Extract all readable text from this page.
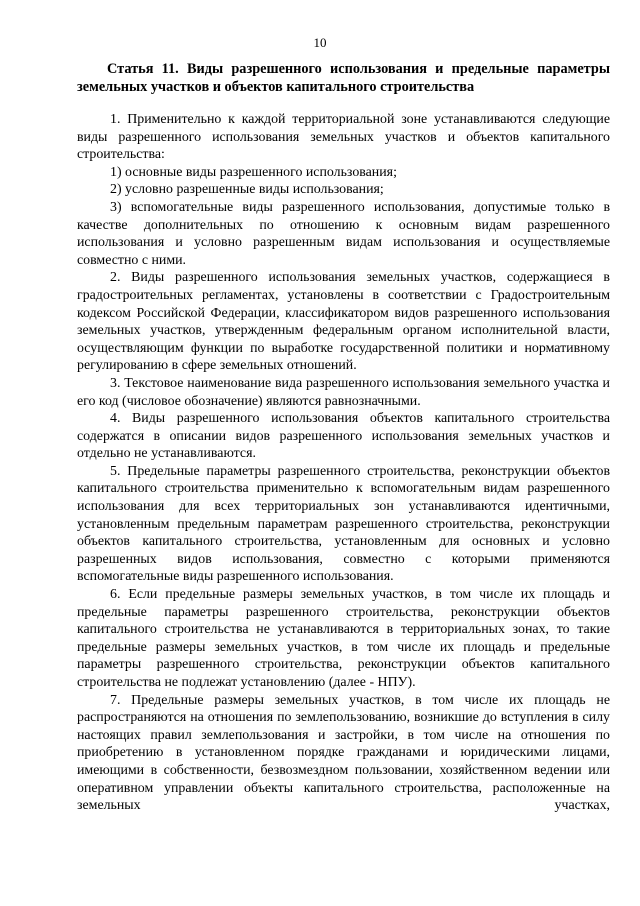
10

Статья 11. Виды разрешенного использования и предельные параметры земельных участков и объектов капитального строительства

1. Применительно к каждой территориальной зоне устанавливаются следующие виды разрешенного использования земельных участков и объектов капитального строительства:

1) основные виды разрешенного использования;

2) условно разрешенные виды использования;

3) вспомогательные виды разрешенного использования, допустимые только в качестве дополнительных по отношению к основным видам разрешенного использования и условно разрешенным видам использования и осуществляемые совместно с ними.

2. Виды разрешенного использования земельных участков, содержащиеся в градостроительных регламентах, установлены в соответствии с Градостроительным кодексом Российской Федерации, классификатором видов разрешенного использования земельных участков, утвержденным федеральным органом исполнительной власти, осуществляющим функции по выработке государственной политики и нормативному регулированию в сфере земельных отношений.

3. Текстовое наименование вида разрешенного использования земельного участка и его код (числовое обозначение) являются равнозначными.

4. Виды разрешенного использования объектов капитального строительства содержатся в описании видов разрешенного использования земельных участков и отдельно не устанавливаются.

5. Предельные параметры разрешенного строительства, реконструкции объектов капитального строительства применительно к вспомогательным видам разрешенного использования для всех территориальных зон устанавливаются идентичными, установленным предельным параметрам разрешенного строительства, реконструкции объектов капитального строительства, установленным для основных и условно разрешенных видов использования, совместно с которыми применяются вспомогательные виды разрешенного использования.

6. Если предельные размеры земельных участков, в том числе их площадь и предельные параметры разрешенного строительства, реконструкции объектов капитального строительства не устанавливаются в территориальных зонах, то такие предельные размеры земельных участков, в том числе их площадь и предельные параметры разрешенного строительства, реконструкции объектов капитального строительства не подлежат установлению (далее - НПУ).

7. Предельные размеры земельных участков, в том числе их площадь не распространяются на отношения по землепользованию, возникшие до вступления в силу настоящих правил землепользования и застройки, в том числе на отношения по приобретению в установленном порядке гражданами и юридическими лицами, имеющими в собственности, безвозмездном пользовании, хозяйственном ведении или оперативном управлении объекты капитального строительства, расположенные на земельных участках,
